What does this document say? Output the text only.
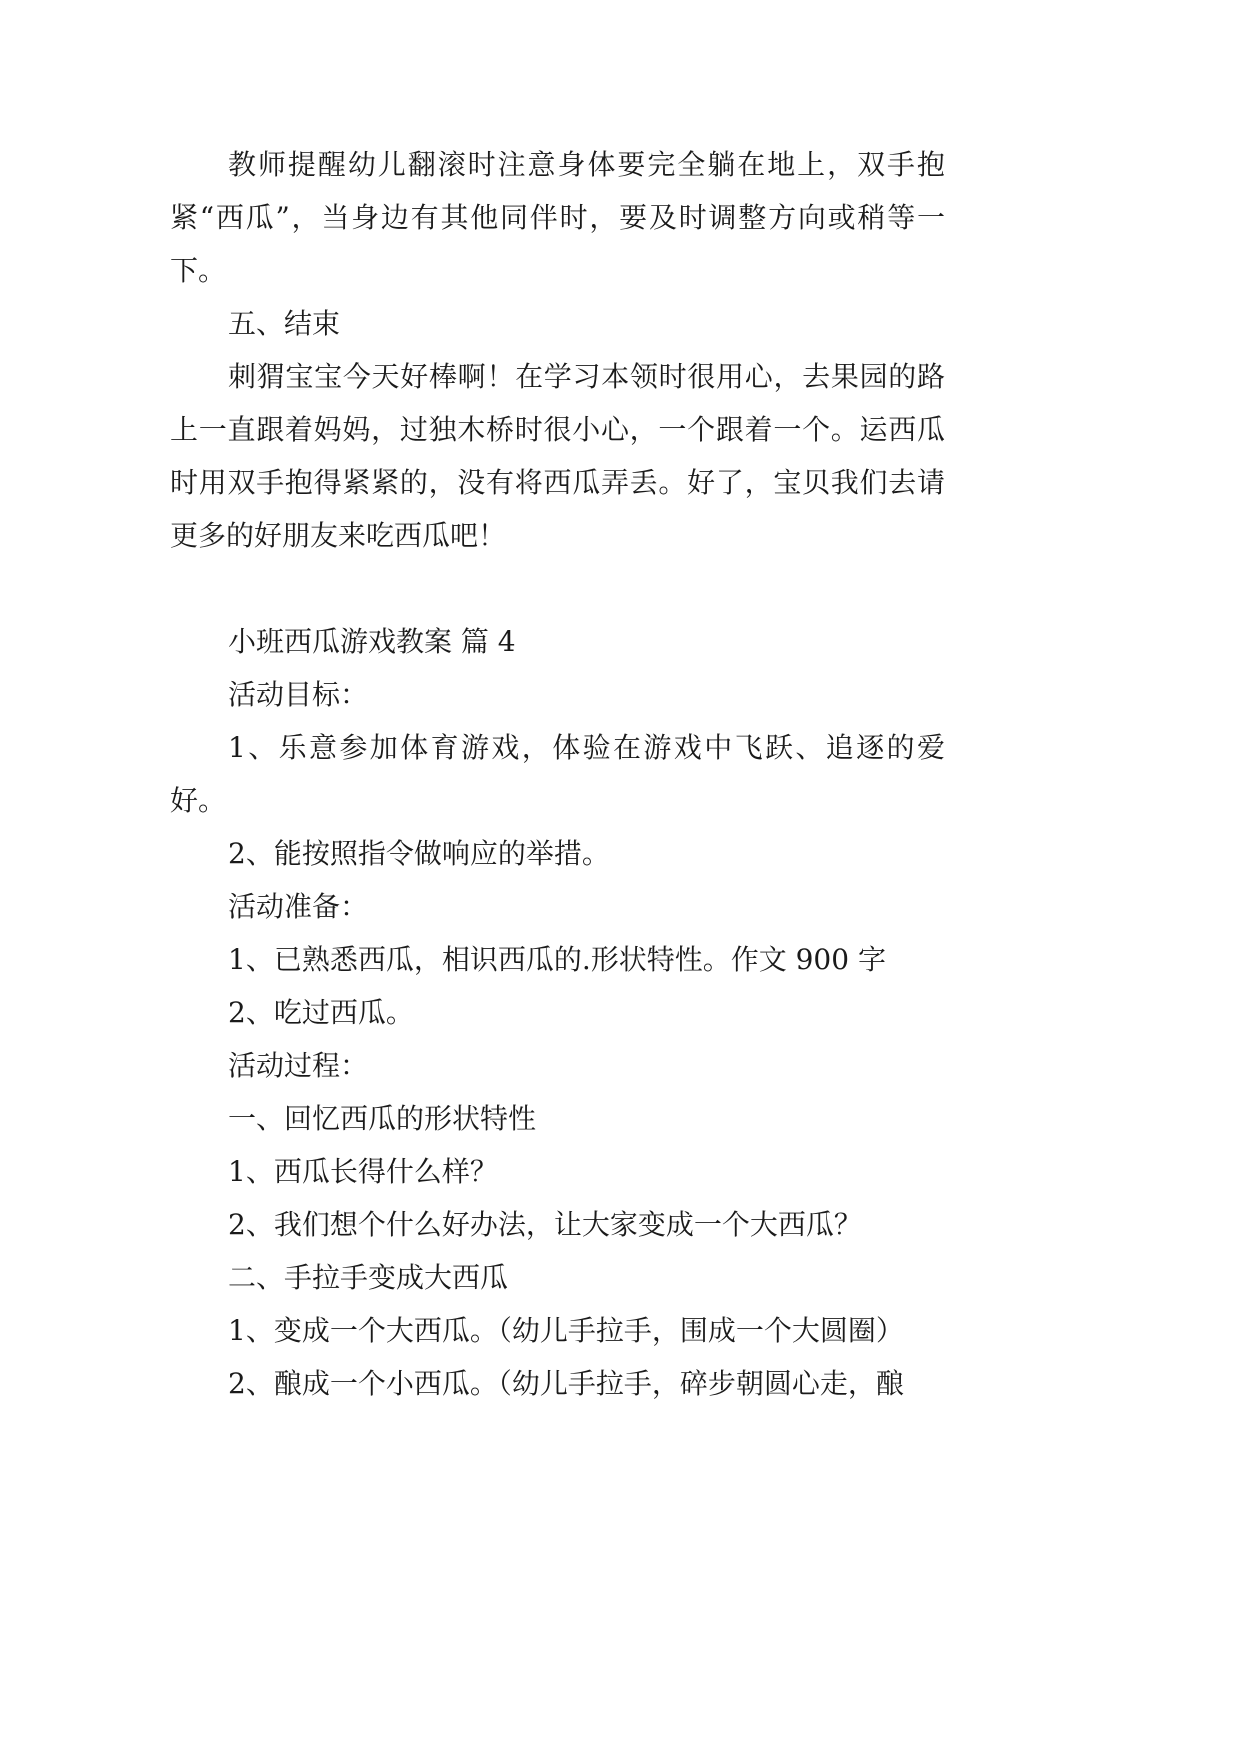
教师提醒幼儿翻滚时注意身体要完全躺在地上，双手抱紧“西瓜”，当身边有其他同伴时，要及时调整方向或稍等一下。

五、结束

刺猬宝宝今天好棒啊！在学习本领时很用心，去果园的路上一直跟着妈妈，过独木桥时很小心，一个跟着一个。运西瓜时用双手抱得紧紧的，没有将西瓜弄丢。好了，宝贝我们去请更多的好朋友来吃西瓜吧！

小班西瓜游戏教案 篇 4

活动目标：

1、乐意参加体育游戏，体验在游戏中飞跃、追逐的爱好。

2、能按照指令做响应的举措。

活动准备：

1、已熟悉西瓜，相识西瓜的.形状特性。作文 900 字

2、吃过西瓜。

活动过程：

一、回忆西瓜的形状特性

1、西瓜长得什么样？

2、我们想个什么好办法，让大家变成一个大西瓜？

二、手拉手变成大西瓜

1、变成一个大西瓜。（幼儿手拉手，围成一个大圆圈）

2、酿成一个小西瓜。（幼儿手拉手，碎步朝圆心走，酿
